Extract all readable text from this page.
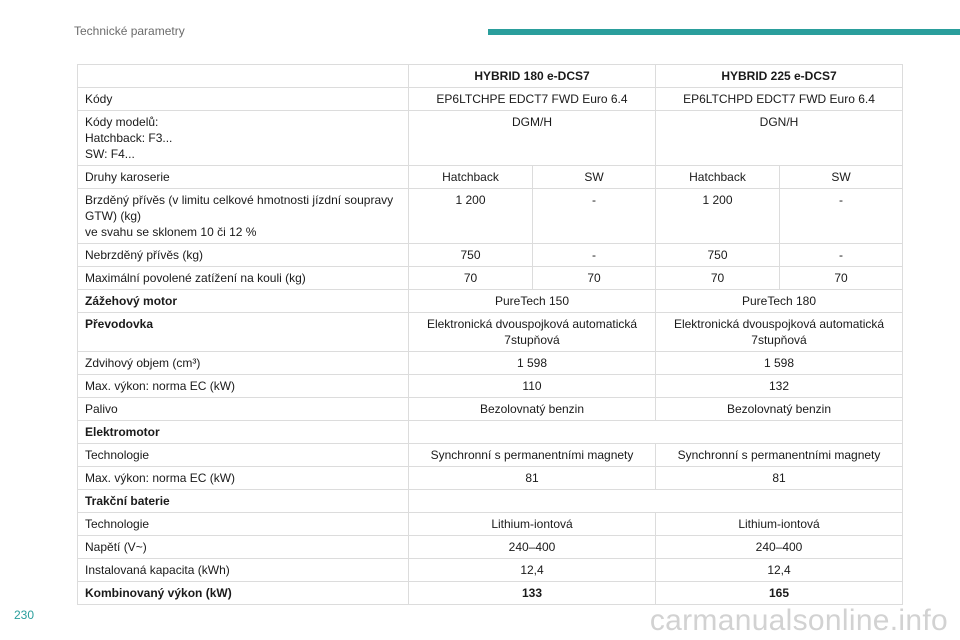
Technické parametry
	HYBRID 180 e-DCS7		HYBRID 225 e-DCS7	
Kódy	EP6LTCHPE EDCT7 FWD Euro 6.4		EP6LTCHPD EDCT7 FWD Euro 6.4	
Kódy modelů:
Hatchback: F3...
SW: F4...	DGM/H		DGN/H	
Druhy karoserie	Hatchback	SW	Hatchback	SW
Brzděný přívěs (v limitu celkové hmotnosti jízdní soupravy GTW) (kg)
ve svahu se sklonem 10 či 12 %	1 200	-	1 200	-
Nebrzděný přívěs (kg)	750	-	750	-
Maximální povolené zatížení na kouli (kg)	70	70	70	70
Zážehový motor	PureTech 150		PureTech 180	
Převodovka	Elektronická dvouspojková automatická 7stupňová		Elektronická dvouspojková automatická 7stupňová	
Zdvihový objem (cm³)	1 598		1 598	
Max. výkon: norma EC (kW)	110		132	
Palivo	Bezolovnatý benzin		Bezolovnatý benzin	
Elektromotor				
Technologie	Synchronní s permanentními magnety		Synchronní s permanentními magnety	
Max. výkon: norma EC (kW)	81		81	
Trakční baterie				
Technologie	Lithium-iontová		Lithium-iontová	
Napětí (V~)	240–400		240–400	
Instalovaná kapacita (kWh)	12,4		12,4	
Kombinovaný výkon (kW)	133		165	
230	carmanualsonline.info
